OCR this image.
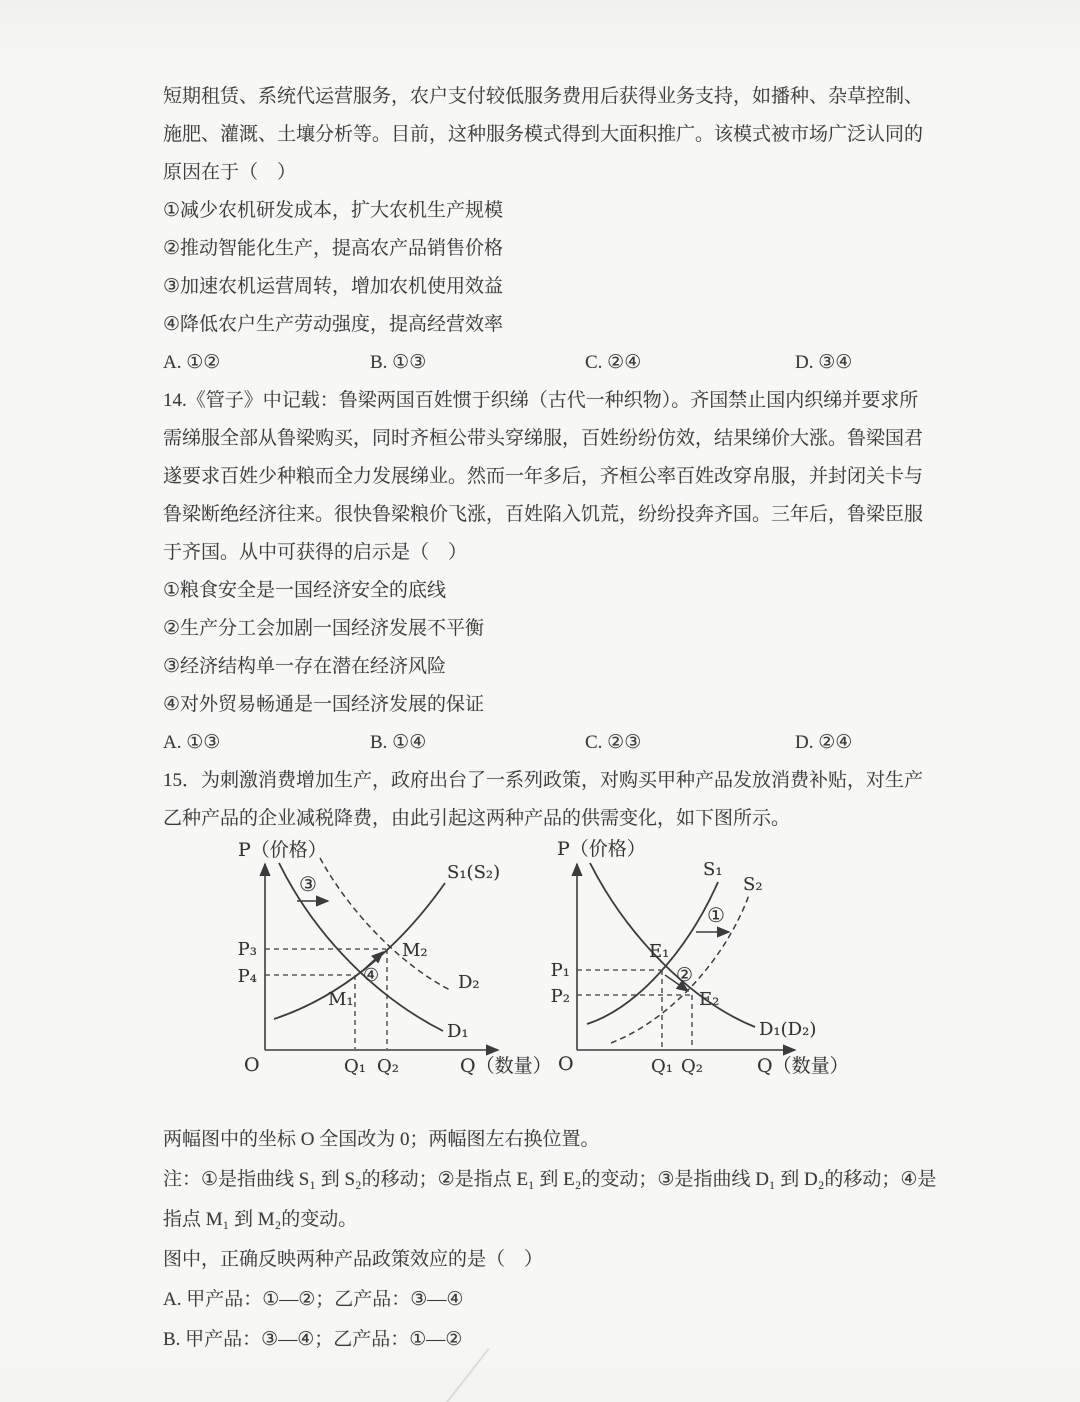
短期租赁、系统代运营服务，农户支付较低服务费用后获得业务支持，如播种、杂草控制、
施肥、灌溉、土壤分析等。目前，这种服务模式得到大面积推广。该模式被市场广泛认同的
原因在于（　）
①减少农机研发成本，扩大农机生产规模
②推动智能化生产，提高农产品销售价格
③加速农机运营周转，增加农机使用效益
④降低农户生产劳动强度，提高经营效率
A. ①②	B. ①③	C. ②④	D. ③④
14.《管子》中记载：鲁梁两国百姓惯于织绨（古代一种织物）。齐国禁止国内织绨并要求所
需绨服全部从鲁梁购买，同时齐桓公带头穿绨服，百姓纷纷仿效，结果绨价大涨。鲁梁国君
遂要求百姓少种粮而全力发展绨业。然而一年多后，齐桓公率百姓改穿帛服，并封闭关卡与
鲁梁断绝经济往来。很快鲁梁粮价飞涨，百姓陷入饥荒，纷纷投奔齐国。三年后，鲁梁臣服
于齐国。从中可获得的启示是（　）
①粮食安全是一国经济安全的底线
②生产分工会加剧一国经济发展不平衡
③经济结构单一存在潜在经济风险
④对外贸易畅通是一国经济发展的保证
A. ①③	B. ①④	C. ②③	D. ②④
15．为刺激消费增加生产，政府出台了一系列政策，对购买甲种产品发放消费补贴，对生产
乙种产品的企业减税降费，由此引起这两种产品的供需变化，如下图所示。
P（价格）
O
S₁(S₂)
D₁
D₂
③
P₃
P₄	④
M₁
M₂
Q₁ Q₂	Q（数量）
P（价格）
O
S₁
S₂
①
D₁(D₂)
E₁
E₂
②
P₁
P₂
Q₁ Q₂	Q（数量）
两幅图中的坐标 O 全国改为 0；两幅图左右换位置。
注：①是指曲线 S₁ 到 S₂的移动；②是指点 E₁ 到 E₂的变动；③是指曲线 D₁ 到 D₂的移动；④是
指点 M₁ 到 M₂的变动。
图中，正确反映两种产品政策效应的是（　）
A. 甲产品：①—②；乙产品：③—④
B. 甲产品：③—④；乙产品：①—②
